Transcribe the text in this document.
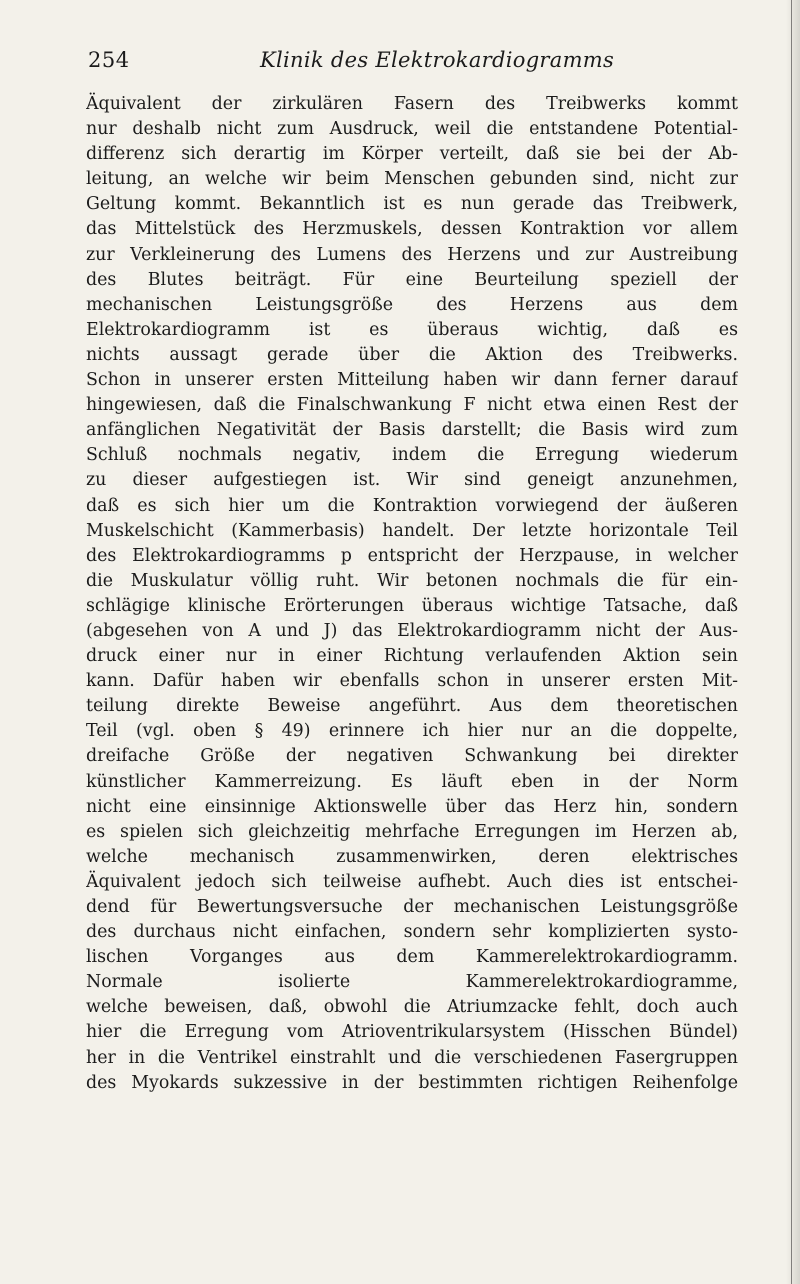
254	Klinik des Elektrokardiogramms
Äquivalent der zirkulären Fasern des Treibwerks kommt
nur deshalb nicht zum Ausdruck, weil die entstandene Potential-
differenz sich derartig im Körper verteilt, daß sie bei der Ab-
leitung, an welche wir beim Menschen gebunden sind, nicht zur
Geltung kommt. Bekanntlich ist es nun gerade das Treibwerk,
das Mittelstück des Herzmuskels, dessen Kontraktion vor allem
zur Verkleinerung des Lumens des Herzens und zur Austreibung
des Blutes beiträgt. Für eine Beurteilung speziell der
mechanischen Leistungsgröße des Herzens aus dem
Elektrokardiogramm ist es überaus wichtig, daß es
nichts aussagt gerade über die Aktion des Treibwerks.
Schon in unserer ersten Mitteilung haben wir dann ferner darauf
hingewiesen, daß die Finalschwankung F nicht etwa einen Rest der
anfänglichen Negativität der Basis darstellt; die Basis wird zum
Schluß nochmals negativ, indem die Erregung wiederum
zu dieser aufgestiegen ist. Wir sind geneigt anzunehmen,
daß es sich hier um die Kontraktion vorwiegend der äußeren
Muskelschicht (Kammerbasis) handelt. Der letzte horizontale Teil
des Elektrokardiogramms p entspricht der Herzpause, in welcher
die Muskulatur völlig ruht. Wir betonen nochmals die für ein-
schlägige klinische Erörterungen überaus wichtige Tatsache, daß
(abgesehen von A und J) das Elektrokardiogramm nicht der Aus-
druck einer nur in einer Richtung verlaufenden Aktion sein
kann. Dafür haben wir ebenfalls schon in unserer ersten Mit-
teilung direkte Beweise angeführt. Aus dem theoretischen
Teil (vgl. oben § 49) erinnere ich hier nur an die doppelte,
dreifache Größe der negativen Schwankung bei direkter
künstlicher Kammerreizung. Es läuft eben in der Norm
nicht eine einsinnige Aktionswelle über das Herz hin, sondern
es spielen sich gleichzeitig mehrfache Erregungen im Herzen ab,
welche mechanisch zusammenwirken, deren elektrisches
Äquivalent jedoch sich teilweise aufhebt. Auch dies ist entschei-
dend für Bewertungsversuche der mechanischen Leistungsgröße
des durchaus nicht einfachen, sondern sehr komplizierten systo-
lischen Vorganges aus dem Kammerelektrokardiogramm.
Normale isolierte Kammerelektrokardiogramme,
welche beweisen, daß, obwohl die Atriumzacke fehlt, doch auch
hier die Erregung vom Atrioventrikularsystem (Hisschen Bündel)
her in die Ventrikel einstrahlt und die verschiedenen Fasergruppen
des Myokards sukzessive in der bestimmten richtigen Reihenfolge
